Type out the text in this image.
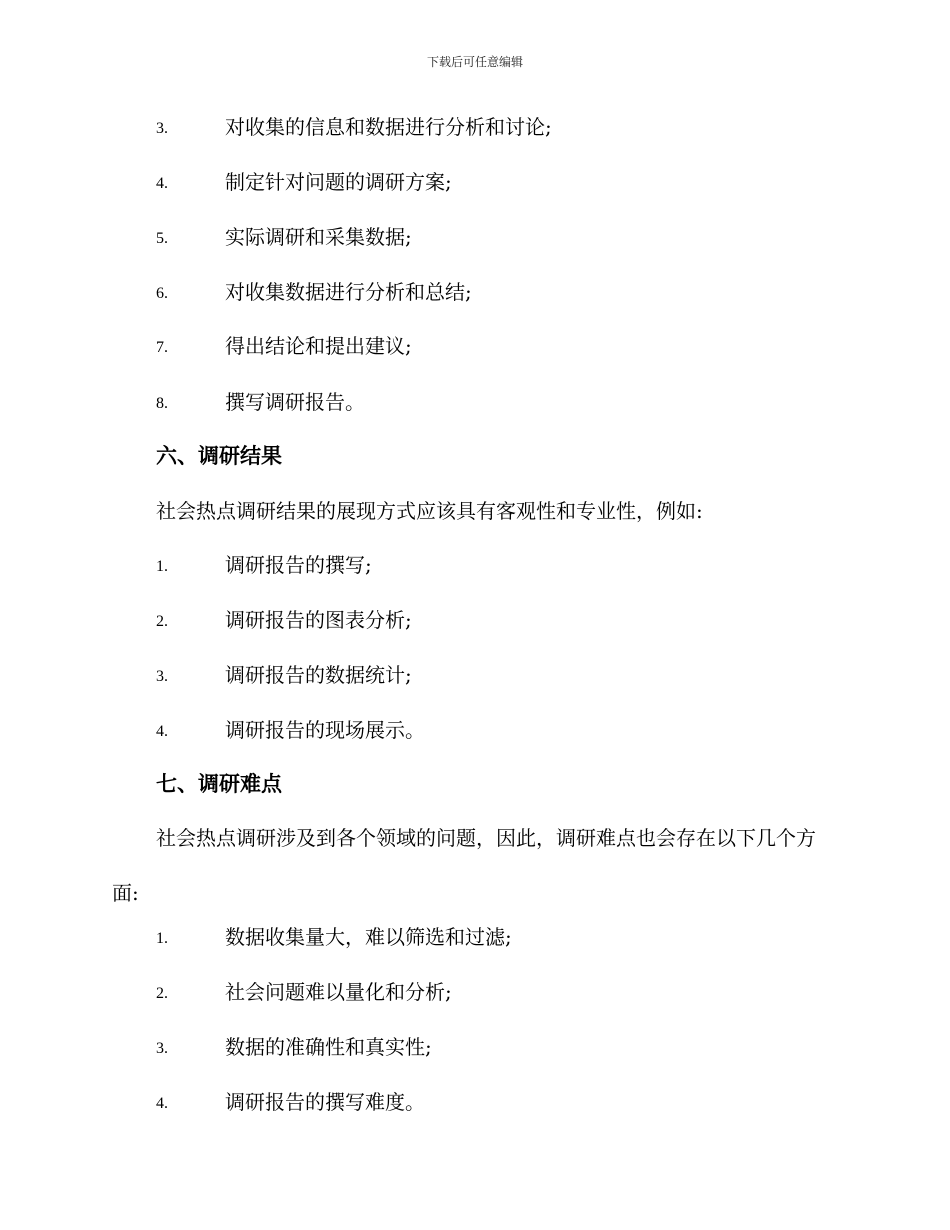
下载后可任意编辑
3.	对收集的信息和数据进行分析和讨论;
4.	制定针对问题的调研方案;
5.	实际调研和采集数据;
6.	对收集数据进行分析和总结;
7.	得出结论和提出建议;
8.	撰写调研报告。
六、调研结果
社会热点调研结果的展现方式应该具有客观性和专业性，例如:
1.	调研报告的撰写;
2.	调研报告的图表分析;
3.	调研报告的数据统计;
4.	调研报告的现场展示。
七、调研难点
社会热点调研涉及到各个领域的问题，因此，调研难点也会存在以下几个方面:
1.	数据收集量大，难以筛选和过滤;
2.	社会问题难以量化和分析;
3.	数据的准确性和真实性;
4.	调研报告的撰写难度。
